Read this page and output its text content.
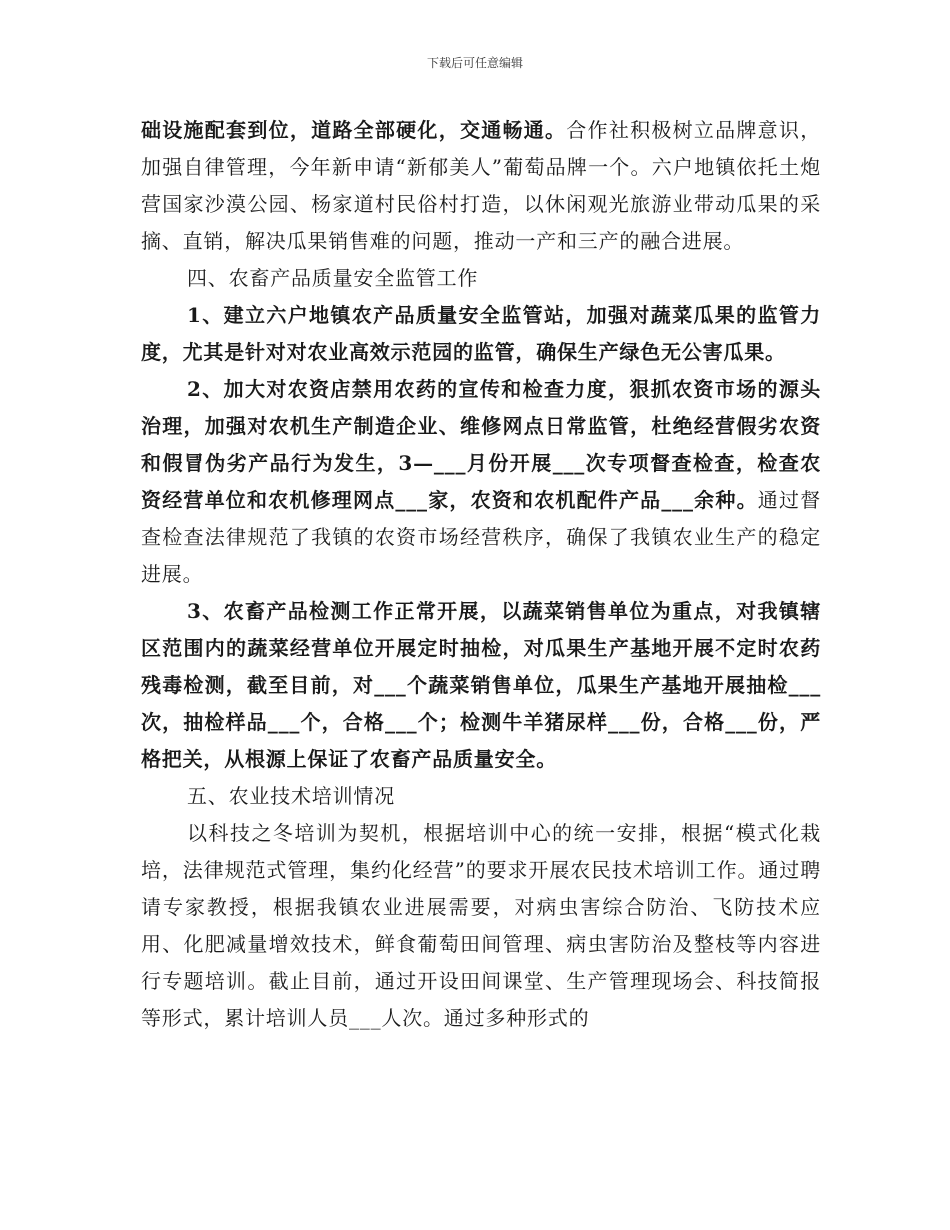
下载后可任意编辑

础设施配套到位，道路全部硬化，交通畅通。合作社积极树立品牌意识，加强自律管理，今年新申请“新郁美人”葡萄品牌一个。六户地镇依托土炮营国家沙漠公园、杨家道村民俗村打造，以休闲观光旅游业带动瓜果的采摘、直销，解决瓜果销售难的问题，推动一产和三产的融合进展。

四、农畜产品质量安全监管工作

1、建立六户地镇农产品质量安全监管站，加强对蔬菜瓜果的监管力度，尤其是针对对农业高效示范园的监管，确保生产绿色无公害瓜果。

2、加大对农资店禁用农药的宣传和检查力度，狠抓农资市场的源头治理，加强对农机生产制造企业、维修网点日常监管，杜绝经营假劣农资和假冒伪劣产品行为发生，3—___月份开展___次专项督查检查，检查农资经营单位和农机修理网点___家，农资和农机配件产品___余种。通过督查检查法律规范了我镇的农资市场经营秩序，确保了我镇农业生产的稳定进展。

3、农畜产品检测工作正常开展，以蔬菜销售单位为重点，对我镇辖区范围内的蔬菜经营单位开展定时抽检，对瓜果生产基地开展不定时农药残毒检测，截至目前，对___个蔬菜销售单位，瓜果生产基地开展抽检___次，抽检样品___个，合格___个；检测牛羊猪尿样___份，合格___份，严格把关，从根源上保证了农畜产品质量安全。

五、农业技术培训情况

以科技之冬培训为契机，根据培训中心的统一安排，根据“模式化栽培，法律规范式管理，集约化经营”的要求开展农民技术培训工作。通过聘请专家教授，根据我镇农业进展需要，对病虫害综合防治、飞防技术应用、化肥减量增效技术，鲜食葡萄田间管理、病虫害防治及整枝等内容进行专题培训。截止目前，通过开设田间课堂、生产管理现场会、科技简报等形式，累计培训人员___人次。通过多种形式的
